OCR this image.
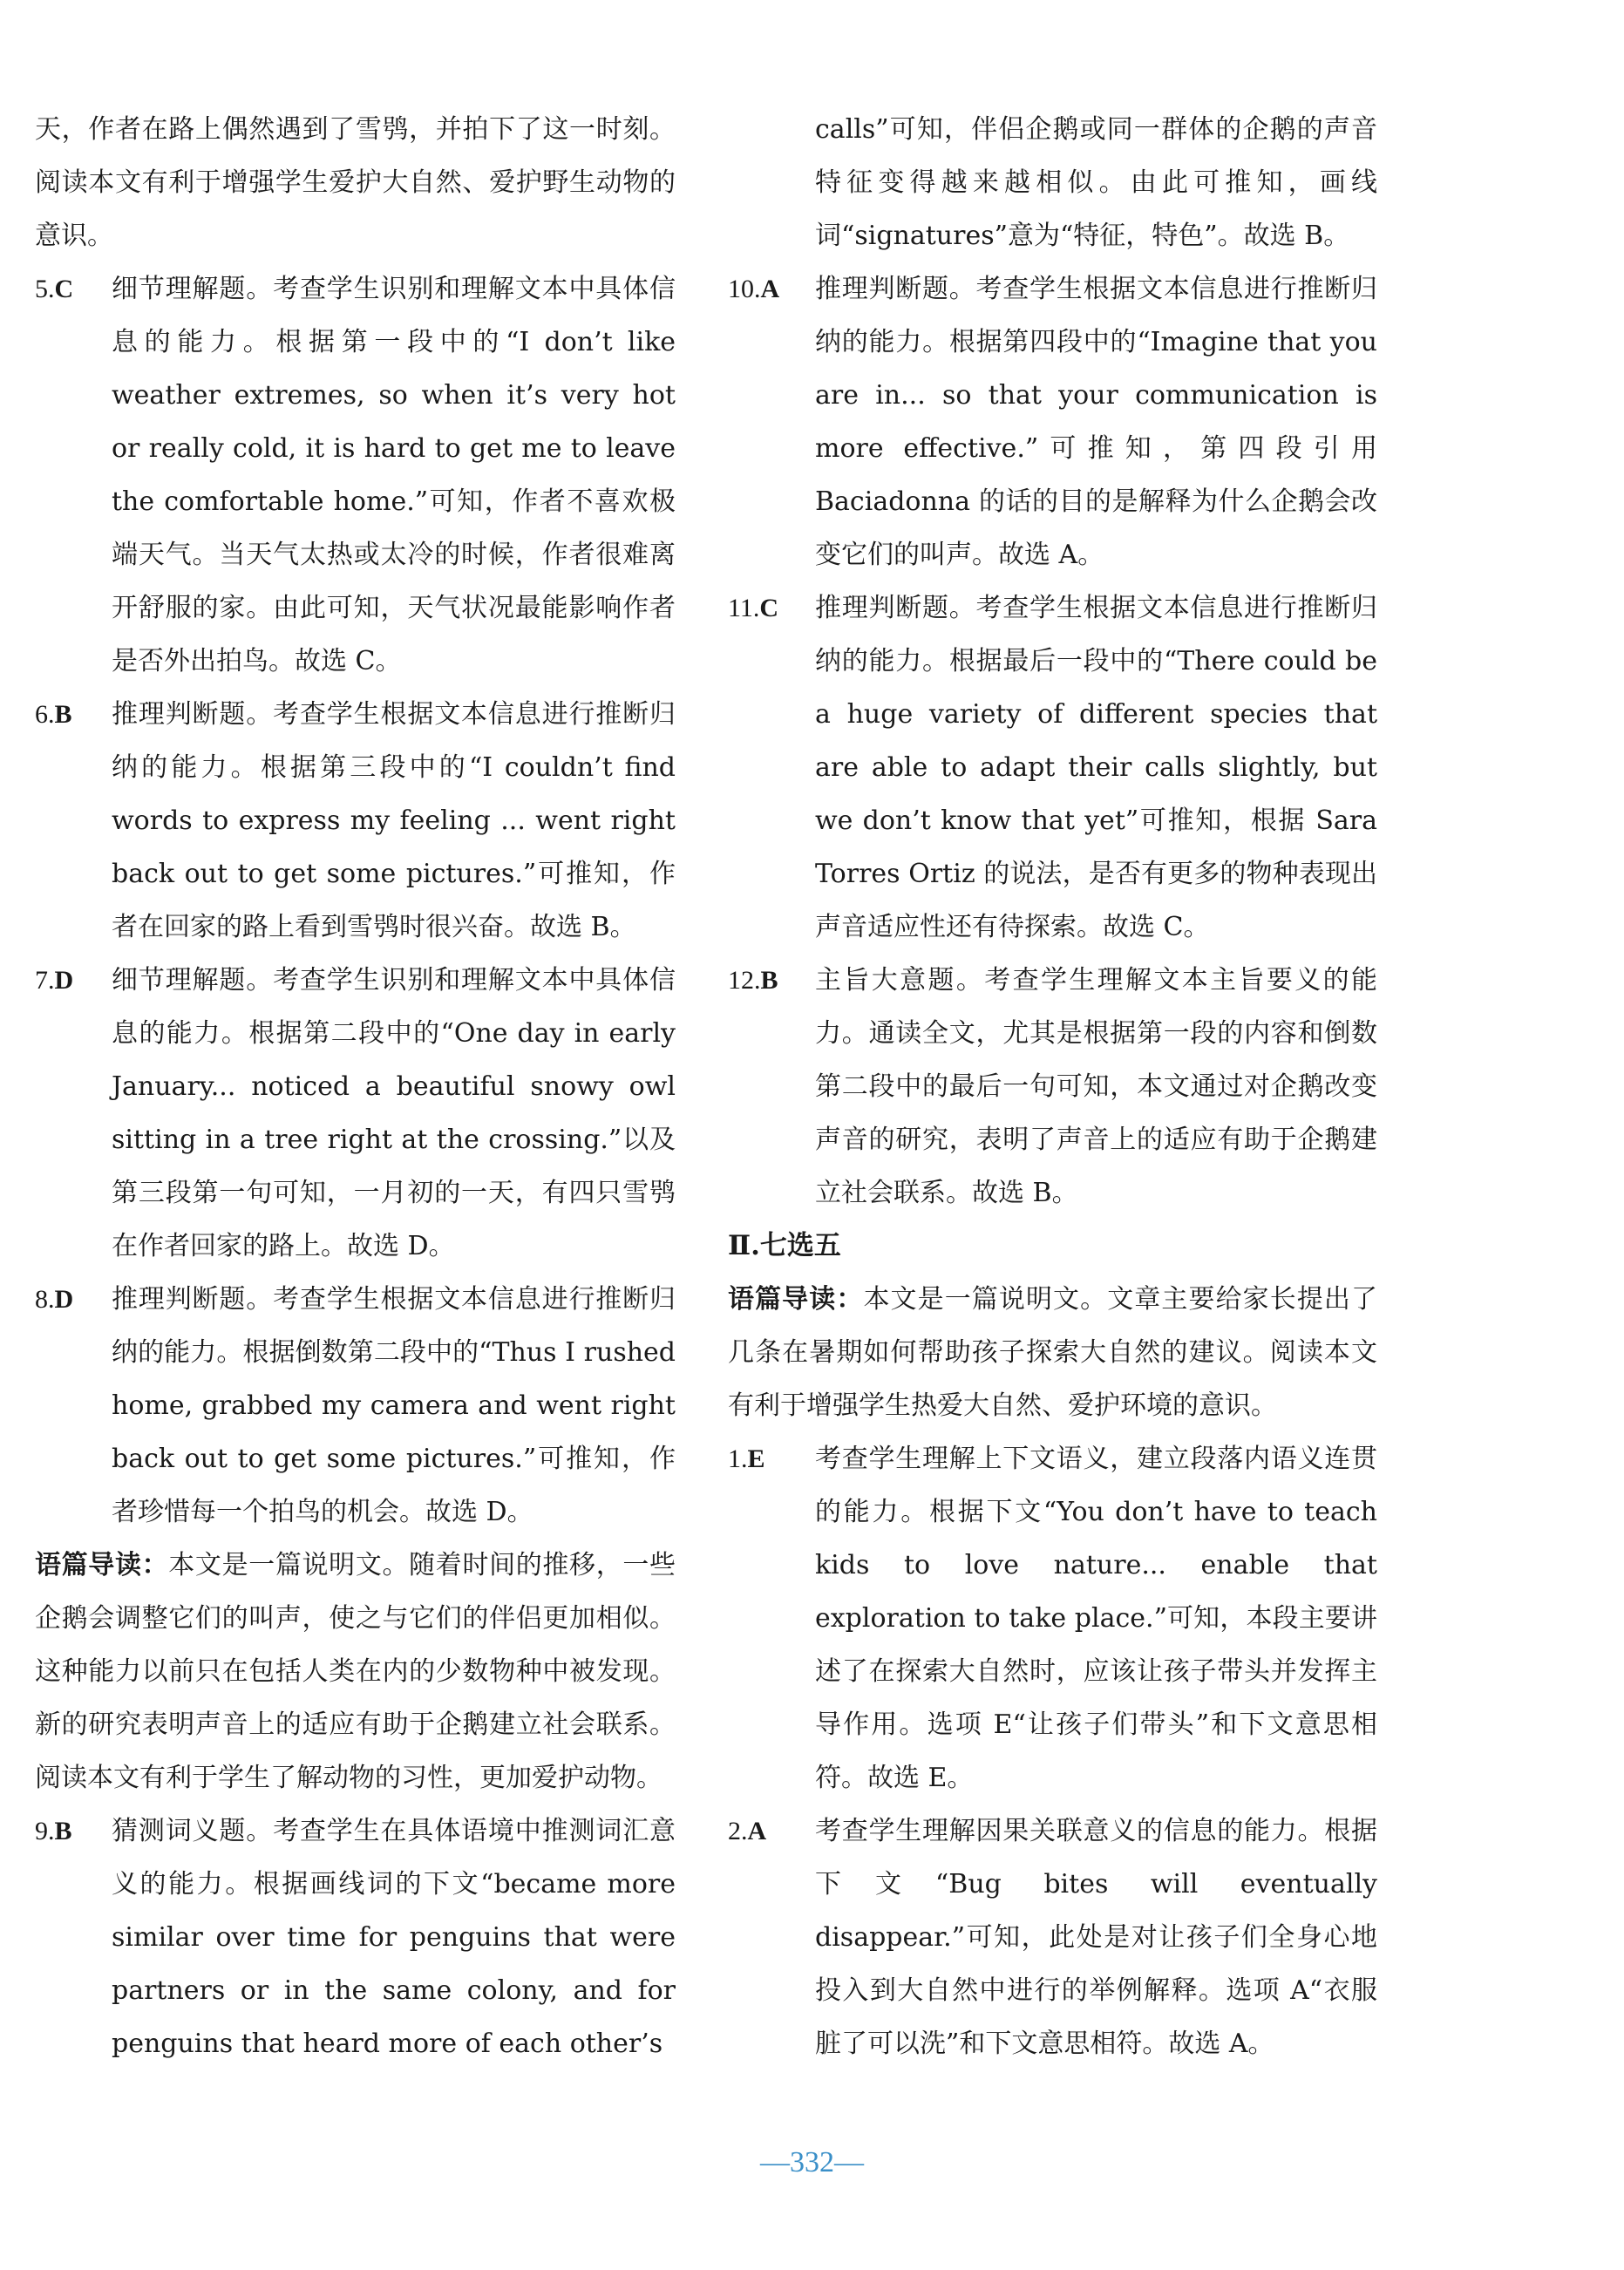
天，作者在路上偶然遇到了雪鸮，并拍下了这一时刻。阅读本文有利于增强学生爱护大自然、爱护野生动物的意识。

5.C 细节理解题。考查学生识别和理解文本中具体信息的能力。根据第一段中的“I don’t like weather extremes, so when it’s very hot or really cold, it is hard to get me to leave the comfortable home.”可知，作者不喜欢极端天气。当天气太热或太冷的时候，作者很难离开舒服的家。由此可知，天气状况最能影响作者是否外出拍鸟。故选 C。
6.B 推理判断题。考查学生根据文本信息进行推断归纳的能力。根据第三段中的“I couldn’t find words to express my feeling ... went right back out to get some pictures.”可推知，作者在回家的路上看到雪鸮时很兴奋。故选 B。
7.D 细节理解题。考查学生识别和理解文本中具体信息的能力。根据第二段中的“One day in early January... noticed a beautiful snowy owl sitting in a tree right at the crossing.”以及第三段第一句可知，一月初的一天，有四只雪鸮在作者回家的路上。故选 D。
8.D 推理判断题。考查学生根据文本信息进行推断归纳的能力。根据倒数第二段中的“Thus I rushed home, grabbed my camera and went right back out to get some pictures.”可推知，作者珍惜每一个拍鸟的机会。故选 D。

语篇导读：本文是一篇说明文。随着时间的推移，一些企鹅会调整它们的叫声，使之与它们的伴侣更加相似。这种能力以前只在包括人类在内的少数物种中被发现。新的研究表明声音上的适应有助于企鹅建立社会联系。阅读本文有利于学生了解动物的习性，更加爱护动物。

9.B 猜测词义题。考查学生在具体语境中推测词汇意义的能力。根据画线词的下文“became more similar over time for penguins that were partners or in the same colony, and for penguins that heard more of each other’s
calls”可知，伴侣企鹅或同一群体的企鹅的声音特征变得越来越相似。由此可推知，画线词“signatures”意为“特征，特色”。故选 B。
10.A 推理判断题。考查学生根据文本信息进行推断归纳的能力。根据第四段中的“Imagine that you are in... so that your communication is more effective.”可推知，第四段引用 Baciadonna 的话的目的是解释为什么企鹅会改变它们的叫声。故选 A。
11.C 推理判断题。考查学生根据文本信息进行推断归纳的能力。根据最后一段中的“There could be a huge variety of different species that are able to adapt their calls slightly, but we don’t know that yet”可推知，根据 Sara Torres Ortiz 的说法，是否有更多的物种表现出声音适应性还有待探索。故选 C。
12.B 主旨大意题。考查学生理解文本主旨要义的能力。通读全文，尤其是根据第一段的内容和倒数第二段中的最后一句可知，本文通过对企鹅改变声音的研究，表明了声音上的适应有助于企鹅建立社会联系。故选 B。

Ⅱ.七选五

语篇导读：本文是一篇说明文。文章主要给家长提出了几条在暑期如何帮助孩子探索大自然的建议。阅读本文有利于增强学生热爱大自然、爱护环境的意识。

1.E 考查学生理解上下文语义，建立段落内语义连贯的能力。根据下文“You don’t have to teach kids to love nature... enable that exploration to take place.”可知，本段主要讲述了在探索大自然时，应该让孩子带头并发挥主导作用。选项 E“让孩子们带头”和下文意思相符。故选 E。
2.A 考查学生理解因果关联意义的信息的能力。根据下文“Bug bites will eventually disappear.”可知，此处是对让孩子们全身心地投入到大自然中进行的举例解释。选项 A“衣服脏了可以洗”和下文意思相符。故选 A。
—332—
